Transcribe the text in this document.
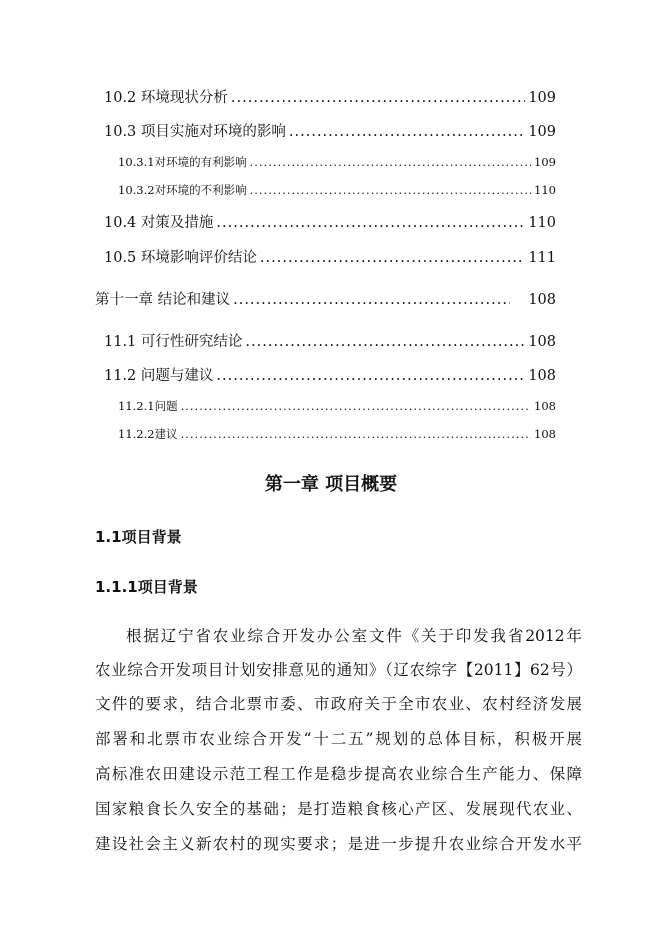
10.2 环境现状分析 .....	109
10.3 项目实施对环境的影响 .....	109
10.3.1对环境的有利影响 .....	109
10.3.2对环境的不利影响 .....	110
10.4 对策及措施 .....	110
10.5 环境影响评价结论 .....	111
第十一章 结论和建议 .....	108
11.1 可行性研究结论 .....	108
11.2 问题与建议 .....	108
11.2.1问题 .....	108
11.2.2建议 .....	108
第一章 项目概要
1.1项目背景
1.1.1项目背景
根据辽宁省农业综合开发办公室文件《关于印发我省2012年
农业综合开发项目计划安排意见的通知》（辽农综字【2011】62号）
文件的要求，结合北票市委、市政府关于全市农业、农村经济发展
部署和北票市农业综合开发“十二五”规划的总体目标，积极开展
高标准农田建设示范工程工作是稳步提高农业综合生产能力、保障
国家粮食长久安全的基础；是打造粮食核心产区、发展现代农业、
建设社会主义新农村的现实要求；是进一步提升农业综合开发水平
